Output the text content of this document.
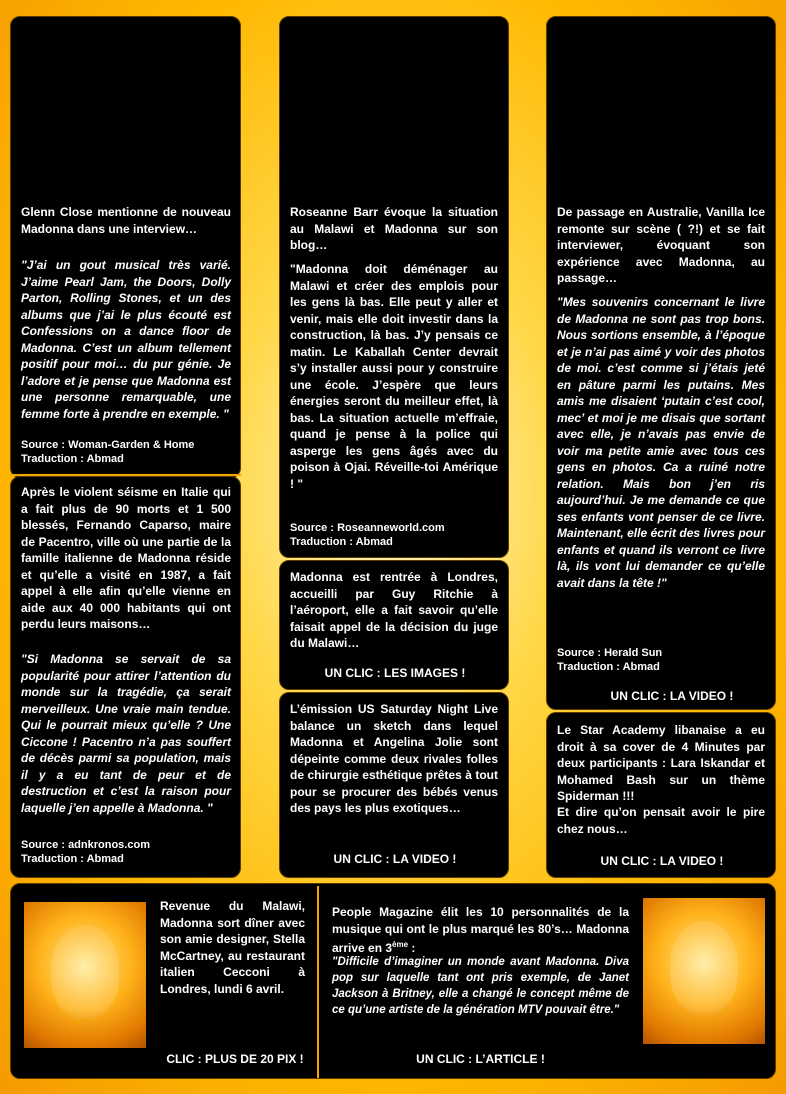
Glenn Close mentionne de nouveau Madonna dans une interview…
"J’ai un gout musical très varié. J’aime Pearl Jam, the Doors, Dolly Parton, Rolling Stones, et un des albums que j’ai le plus écouté est Confessions on a dance floor de Madonna. C’est un album tellement positif pour moi… du pur génie. Je l’adore et je pense que Madonna est une personne remarquable, une femme forte à prendre en exemple. "
Source : Woman-Garden & Home
Traduction : Abmad
Après le violent séisme en Italie qui a fait plus de 90 morts et 1 500 blessés, Fernando Caparso, maire de Pacentro, ville où une partie de la famille italienne de Madonna réside et qu’elle a visité en 1987, a fait appel à elle afin qu’elle vienne en aide aux 40 000 habitants qui ont perdu leurs maisons…
"Si Madonna se servait de sa popularité pour attirer l’attention du monde sur la tragédie, ça serait merveilleux. Une vraie main tendue. Qui le pourrait mieux qu’elle ? Une Ciccone ! Pacentro n’a pas souffert de décès parmi sa population, mais il y a eu tant de peur et de destruction et c’est la raison pour laquelle j’en appelle à Madonna. "
Source : adnkronos.com
Traduction : Abmad
Roseanne Barr évoque la situation au Malawi et Madonna sur son blog…
"Madonna doit déménager au Malawi et créer des emplois pour les gens là bas. Elle peut y aller et venir, mais elle doit investir dans la construction, là bas. J’y pensais ce matin. Le Kaballah Center devrait s’y installer aussi pour y construire une école. J’espère que leurs énergies seront du meilleur effet, là bas. La situation actuelle m’effraie, quand je pense à la police qui asperge les gens âgés avec du poison à Ojai. Réveille-toi Amérique ! "
Source : Roseanneworld.com
Traduction : Abmad
Madonna est rentrée à Londres, accueilli par Guy Ritchie à l’aéroport, elle a fait savoir qu’elle faisait appel de la décision du juge du Malawi…
UN CLIC : LES IMAGES !
L’émission US Saturday Night Live balance un sketch dans lequel Madonna et Angelina Jolie sont dépeinte comme deux rivales folles de chirurgie esthétique prêtes à tout pour se procurer des bébés venus des pays les plus exotiques…
UN CLIC : LA VIDEO !
De passage en Australie, Vanilla Ice remonte sur scène ( ?!) et se fait interviewer, évoquant son expérience avec Madonna, au passage…
"Mes souvenirs concernant le livre de Madonna ne sont pas trop bons. Nous sortions ensemble, à l’époque et je n’ai pas aimé y voir des photos de moi. c’est comme si j’étais jeté en pâture parmi les putains. Mes amis me disaient ‘putain c’est cool, mec’ et moi je me disais que sortant avec elle, je n’avais pas envie de voir ma petite amie avec tous ces gens en photos. Ca a ruiné notre relation. Mais bon j’en ris aujourd’hui. Je me demande ce que ses enfants vont penser de ce livre. Maintenant, elle écrit des livres pour enfants et quand ils verront ce livre là, ils vont lui demander ce qu’elle avait dans la tête !"
Source : Herald Sun
Traduction : Abmad
UN CLIC : LA VIDEO !
Le Star Academy libanaise a eu droit à sa cover de 4 Minutes par deux participants : Lara Iskandar et Mohamed Bash sur un thème Spiderman !!!
Et dire qu’on pensait avoir le pire chez nous…
UN CLIC : LA VIDEO !
Revenue du Malawi, Madonna sort dîner avec son amie designer, Stella McCartney, au restaurant italien Cecconi à Londres, lundi 6 avril.
CLIC : PLUS DE 20 PIX !
People Magazine élit les 10 personnalités de la musique qui ont le plus marqué les 80’s… Madonna arrive en 3ème :
"Difficile d’imaginer un monde avant Madonna. Diva pop sur laquelle tant ont pris exemple, de Janet Jackson à Britney, elle a changé le concept même de ce qu’une artiste de la génération MTV pouvait être."
UN CLIC : L’ARTICLE !
